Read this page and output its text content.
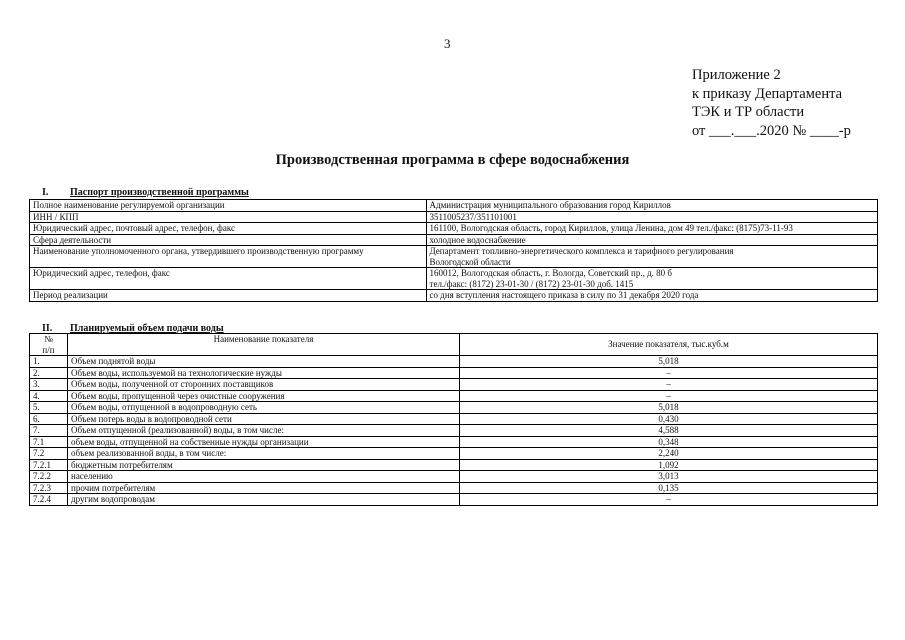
3
Приложение 2
к приказу Департамента
ТЭК и ТР области
от ___.___.2020 № ____-р
Производственная программа в сфере водоснабжения
I. Паспорт производственной программы
Полное наименование регулируемой организации	Администрация муниципального образования город Кириллов
ИНН / КПП	3511005237/351101001
Юридический адрес, почтовый адрес, телефон, факс	161100, Вологодская область, город Кириллов, улица Ленина, дом 49 тел./факс: (8175)73-11-93
Сфера деятельности	холодное водоснабжение
Наименование уполномоченного органа, утвердившего производственную программу	Департамент топливно-энергетического комплекса и тарифного регулирования
Вологодской области

Юридический адрес, телефон, факс	160012, Вологодская область, г. Вологда, Советский пр., д. 80 б
тел./факс: (8172) 23-01-30 / (8172) 23-01-30 доб. 1415

Период реализации	со дня вступления настоящего приказа в силу по 31 декабря 2020 года
II. Планируемый объем подачи воды
№
п/п	Наименование показателя	Значение показателя, тыс.куб.м
1.	Объем поднятой воды	5,018
2.	Объем воды, используемой на технологические нужды	–
3.	Объем воды, полученной от сторонних поставщиков	–
4.	Объем воды, пропущенной через очистные сооружения	–
5.	Объем воды, отпущенной в водопроводную сеть	5,018
6.	Объем потерь воды в водопроводной сети	0,430
7.	Объем отпущенной (реализованной) воды, в том числе:	4,588
7.1	объем воды, отпущенной на собственные нужды организации	0,348
7.2	объем реализованной воды, в том числе:	2,240
7.2.1	бюджетным потребителям	1,092
7.2.2	населению	3,013
7.2.3	прочим потребителям	0,135
7.2.4	другим водопроводам	–
